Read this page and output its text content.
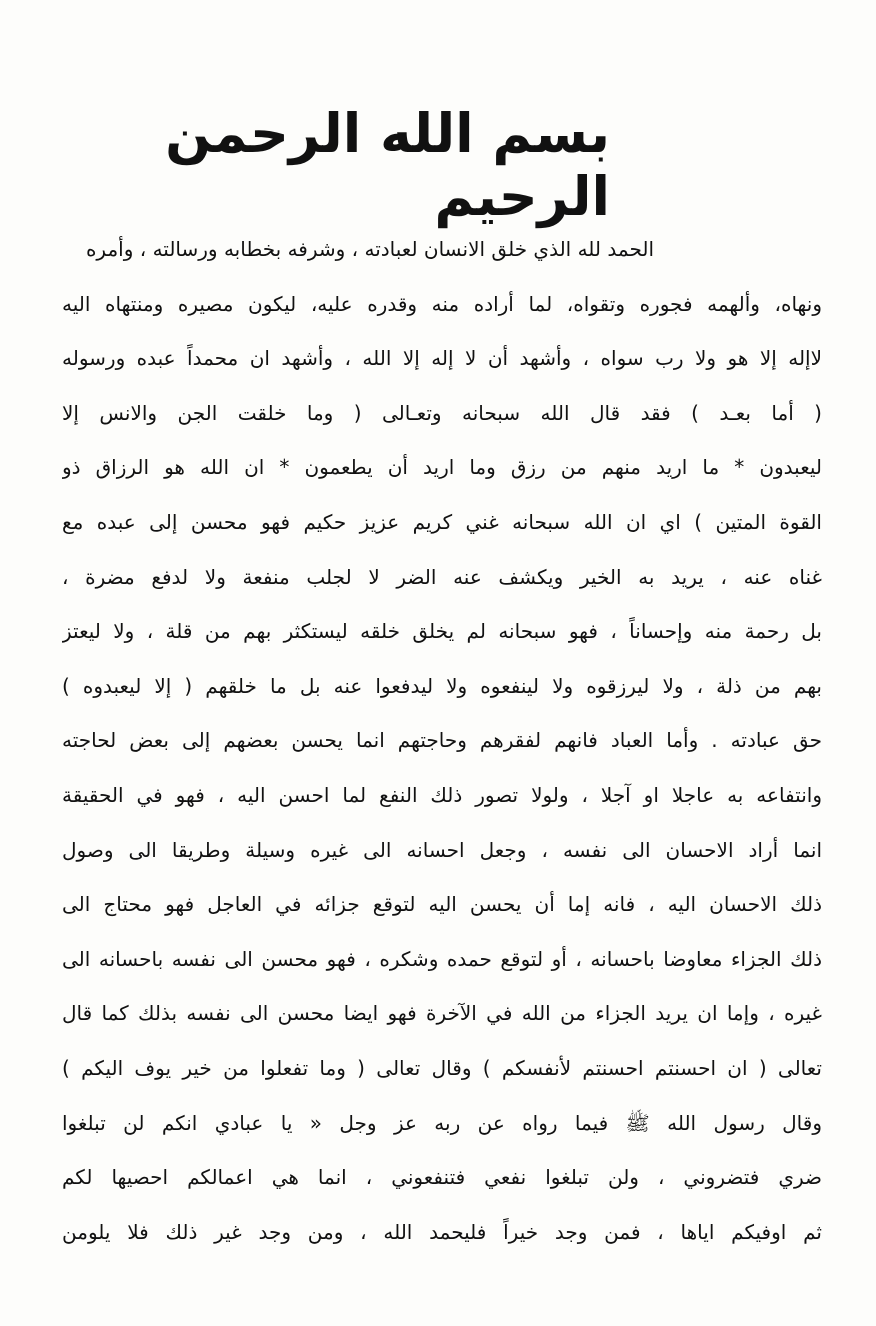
بسم الله الرحمن الرحيم
الحمد لله الذي خلق الانسان لعبادته ، وشرفه بخطابه ورسالته ، وأمره
ونهاه، وألهمه فجوره وتقواه، لما أراده منه وقدره عليه، ليكون مصيره ومنتهاه اليه
لاإله إلا هو ولا رب سواه ، وأشهد أن لا إله إلا الله ، وأشهد ان محمداً عبده ورسوله
( أما بعـد ) فقد قال الله سبحانه وتعـالى ( وما خلقت الجن والانس إلا
ليعبدون * ما اريد منهم من رزق وما اريد أن يطعمون * ان الله هو الرزاق ذو
القوة المتين ) اي ان الله سبحانه غني كريم عزيز حكيم فهو محسن إلى عبده مع
غناه عنه ، يريد به الخير ويكشف عنه الضر لا لجلب منفعة ولا لدفع مضرة ،
بل رحمة منه وإحساناً ، فهو سبحانه لم يخلق خلقه ليستكثر بهم من قلة ، ولا ليعتز
بهم من ذلة ، ولا ليرزقوه ولا لينفعوه ولا ليدفعوا عنه بل ما خلقهم ( إلا ليعبدوه )
حق عبادته . وأما العباد فانهم لفقرهم وحاجتهم انما يحسن بعضهم إلى بعض لحاجته
وانتفاعه به عاجلا او آجلا ، ولولا تصور ذلك النفع لما احسن اليه ، فهو في الحقيقة
انما أراد الاحسان الى نفسه ، وجعل احسانه الى غيره وسيلة وطريقا الى وصول
ذلك الاحسان اليه ، فانه إما أن يحسن اليه لتوقع جزائه في العاجل فهو محتاج الى
ذلك الجزاء معاوضا باحسانه ، أو لتوقع حمده وشكره ، فهو محسن الى نفسه باحسانه الى
غيره ، وإما ان يريد الجزاء من الله في الآخرة فهو ايضا محسن الى نفسه بذلك كما قال
تعالى ( ان احسنتم احسنتم لأنفسكم ) وقال تعالى ( وما تفعلوا من خير يوف اليكم )
وقال رسول الله ﷺ فيما رواه عن ربه عز وجل « يا عبادي انكم لن تبلغوا
ضري فتضروني ، ولن تبلغوا نفعي فتنفعوني ، انما هي اعمالكم احصيها لكم
ثم اوفيكم اياها ، فمن وجد خيراً فليحمد الله ، ومن وجد غير ذلك فلا يلومن
